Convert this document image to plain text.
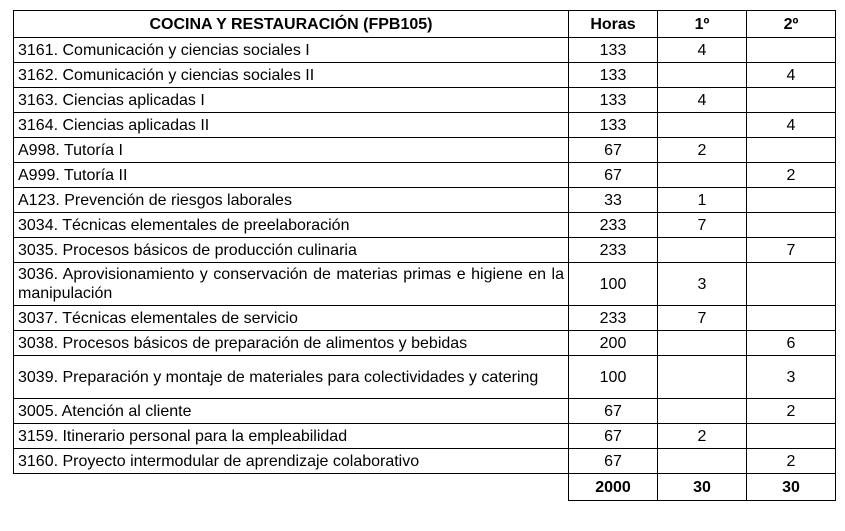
COCINA Y RESTAURACIÓN (FPB105)	Horas	1º	2º
3161. Comunicación y ciencias sociales I	133	4	
3162. Comunicación y ciencias sociales II	133		4
3163. Ciencias aplicadas I	133	4	
3164. Ciencias aplicadas II	133		4
A998. Tutoría I	67	2	
A999. Tutoría II	67		2
A123. Prevención de riesgos laborales	33	1	
3034. Técnicas elementales de preelaboración	233	7	
3035. Procesos básicos de producción culinaria	233		7
3036. Aprovisionamiento y conservación de materias primas e higiene en la manipulación	100	3	
3037. Técnicas elementales de servicio	233	7	
3038. Procesos básicos de preparación de alimentos y bebidas	200		6
3039. Preparación y montaje de materiales para colectividades y catering	100		3
3005. Atención al cliente	67		2
3159. Itinerario personal para la empleabilidad	67	2	
3160. Proyecto intermodular de aprendizaje colaborativo	67		2
	2000	30	30
